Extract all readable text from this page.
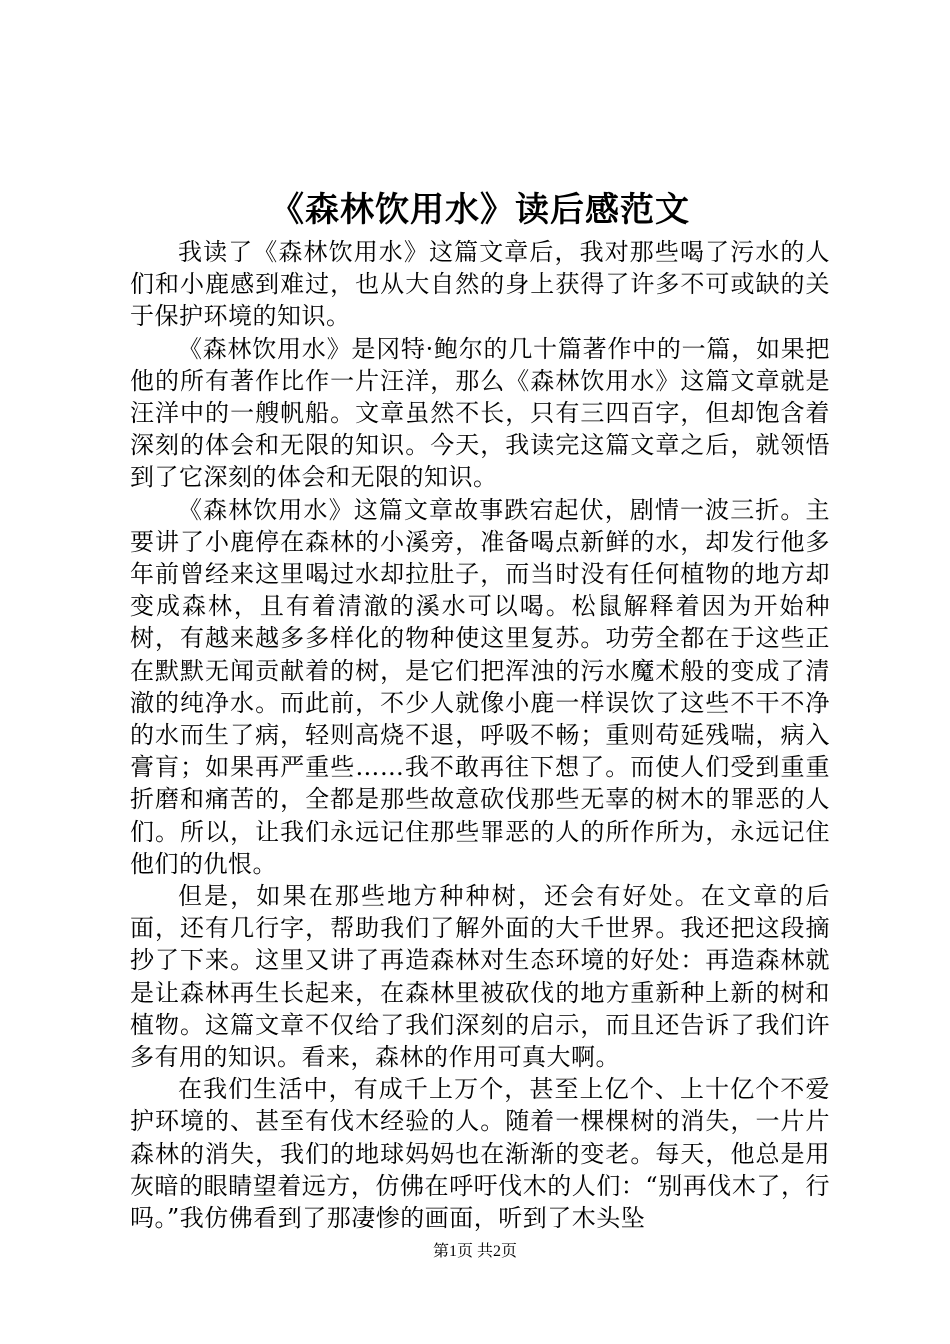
《森林饮用水》读后感范文

我读了《森林饮用水》这篇文章后，我对那些喝了污水的人们和小鹿感到难过，也从大自然的身上获得了许多不可或缺的关于保护环境的知识。

《森林饮用水》是冈特·鲍尔的几十篇著作中的一篇，如果把他的所有著作比作一片汪洋，那么《森林饮用水》这篇文章就是汪洋中的一艘帆船。文章虽然不长，只有三四百字，但却饱含着深刻的体会和无限的知识。今天，我读完这篇文章之后，就领悟到了它深刻的体会和无限的知识。

《森林饮用水》这篇文章故事跌宕起伏，剧情一波三折。主要讲了小鹿停在森林的小溪旁，准备喝点新鲜的水，却发行他多年前曾经来这里喝过水却拉肚子，而当时没有任何植物的地方却变成森林，且有着清澈的溪水可以喝。松鼠解释着因为开始种树，有越来越多多样化的物种使这里复苏。功劳全都在于这些正在默默无闻贡献着的树，是它们把浑浊的污水魔术般的变成了清澈的纯净水。而此前，不少人就像小鹿一样误饮了这些不干不净的水而生了病，轻则高烧不退，呼吸不畅；重则苟延残喘，病入膏肓；如果再严重些……我不敢再往下想了。而使人们受到重重折磨和痛苦的，全都是那些故意砍伐那些无辜的树木的罪恶的人们。所以，让我们永远记住那些罪恶的人的所作所为，永远记住他们的仇恨。

但是，如果在那些地方种种树，还会有好处。在文章的后面，还有几行字，帮助我们了解外面的大千世界。我还把这段摘抄了下来。这里又讲了再造森林对生态环境的好处：再造森林就是让森林再生长起来，在森林里被砍伐的地方重新种上新的树和植物。这篇文章不仅给了我们深刻的启示，而且还告诉了我们许多有用的知识。看来，森林的作用可真大啊。

在我们生活中，有成千上万个，甚至上亿个、上十亿个不爱护环境的、甚至有伐木经验的人。随着一棵棵树的消失，一片片森林的消失，我们的地球妈妈也在渐渐的变老。每天，他总是用灰暗的眼睛望着远方，仿佛在呼吁伐木的人们：“别再伐木了，行吗。”我仿佛看到了那凄惨的画面，听到了木头坠

第1页 共2页
